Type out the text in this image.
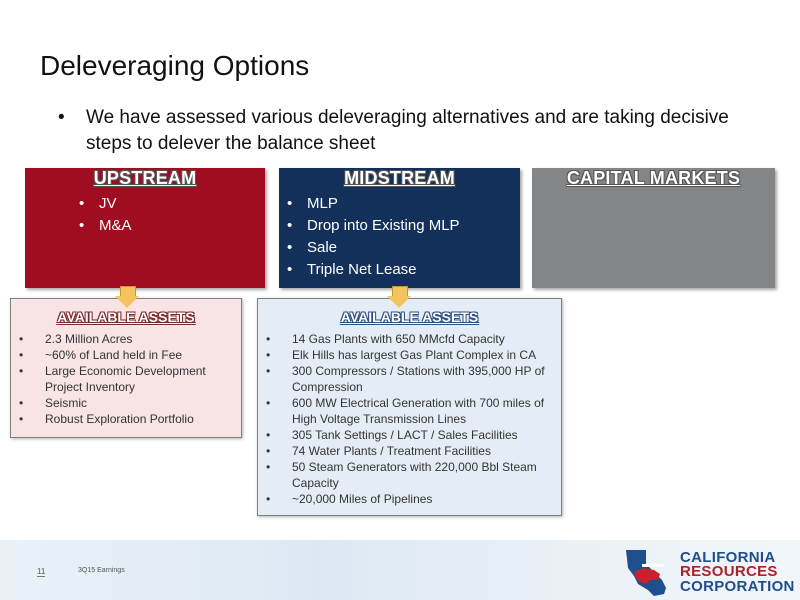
Deleveraging Options
•	We have assessed various deleveraging alternatives and are taking decisive steps to delever the balance sheet
UPSTREAM
• JV
• M&A
MIDSTREAM
• MLP
• Drop into Existing MLP
• Sale
• Triple Net Lease
CAPITAL MARKETS
AVAILABLE ASSETS
• 2.3 Million Acres
• ~60% of Land held in Fee
• Large Economic Development Project Inventory
• Seismic
• Robust Exploration Portfolio
AVAILABLE ASSETS
• 14 Gas Plants with 650 MMcfd Capacity
• Elk Hills has largest Gas Plant Complex in CA
• 300 Compressors / Stations with 395,000 HP of Compression
• 600 MW Electrical Generation with 700 miles of High Voltage Transmission Lines
• 305 Tank Settings / LACT / Sales Facilities
• 74 Water Plants / Treatment Facilities
• 50 Steam Generators with 220,000 Bbl Steam Capacity
• ~20,000 Miles of Pipelines
11	3Q15 Earnings
CALIFORNIA
RESOURCES
CORPORATION
